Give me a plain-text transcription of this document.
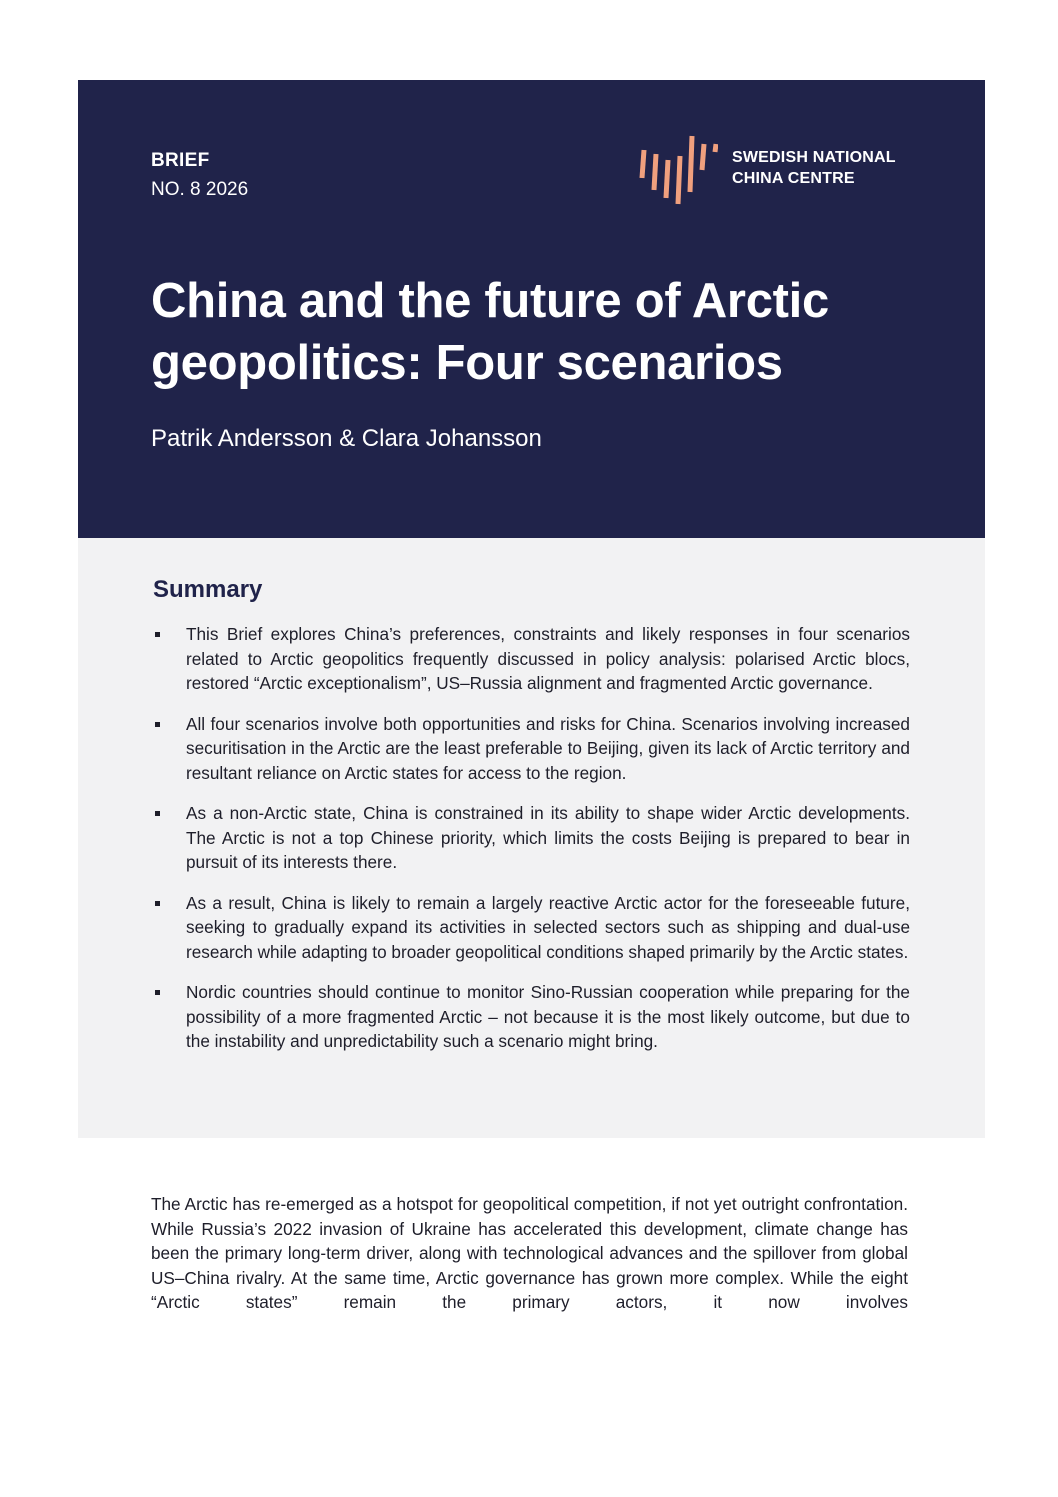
BRIEF
NO. 8 2026
SWEDISH NATIONAL
CHINA CENTRE
China and the future of Arctic geopolitics: Four scenarios
Patrik Andersson & Clara Johansson
Summary
This Brief explores China’s preferences, constraints and likely responses in four scenarios related to Arctic geopolitics frequently discussed in policy analysis: polarised Arctic blocs, restored “Arctic exceptionalism”, US–Russia alignment and fragmented Arctic governance.
All four scenarios involve both opportunities and risks for China. Scenarios involving increased securitisation in the Arctic are the least preferable to Beijing, given its lack of Arctic territory and resultant reliance on Arctic states for access to the region.
As a non-Arctic state, China is constrained in its ability to shape wider Arctic developments. The Arctic is not a top Chinese priority, which limits the costs Beijing is prepared to bear in pursuit of its interests there.
As a result, China is likely to remain a largely reactive Arctic actor for the foreseeable future, seeking to gradually expand its activities in selected sectors such as shipping and dual-use research while adapting to broader geopolitical conditions shaped primarily by the Arctic states.
Nordic countries should continue to monitor Sino-Russian cooperation while preparing for the possibility of a more fragmented Arctic – not because it is the most likely outcome, but due to the instability and unpredictability such a scenario might bring.

The Arctic has re-emerged as a hotspot for geopolitical competition, if not yet outright confrontation. While Russia’s 2022 invasion of Ukraine has accelerated this development, climate change has been the primary long-term driver, along with technological advances and the spillover from global US–China rivalry. At the same time, Arctic governance has grown more complex. While the eight “Arctic states” remain the primary actors, it now involves
